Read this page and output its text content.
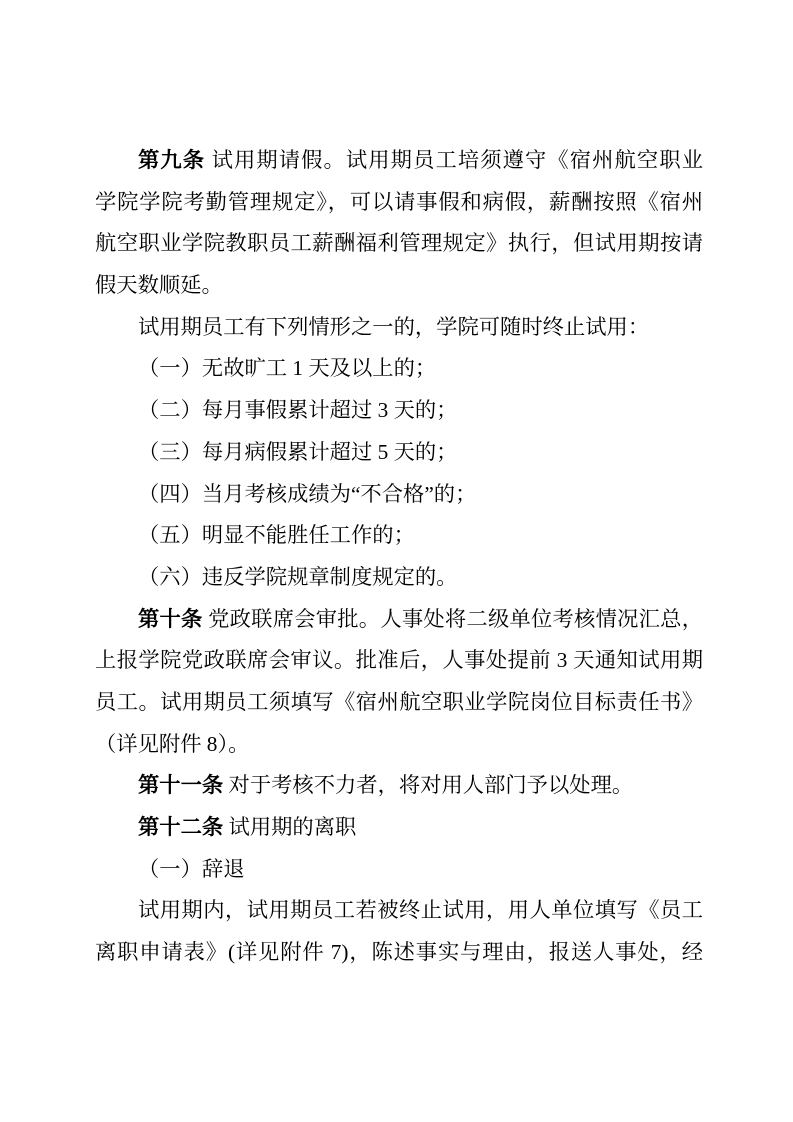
第九条 试用期请假。试用期员工培须遵守《宿州航空职业
学院学院考勤管理规定》，可以请事假和病假，薪酬按照《宿州
航空职业学院教职员工薪酬福利管理规定》执行，但试用期按请
假天数顺延。
试用期员工有下列情形之一的，学院可随时终止试用：
（一）无故旷工 1 天及以上的；
（二）每月事假累计超过 3 天的；
（三）每月病假累计超过 5 天的；
（四）当月考核成绩为“不合格”的；
（五）明显不能胜任工作的；
（六）违反学院规章制度规定的。
第十条 党政联席会审批。人事处将二级单位考核情况汇总，
上报学院党政联席会审议。批准后，人事处提前 3 天通知试用期
员工。试用期员工须填写《宿州航空职业学院岗位目标责任书》
（详见附件 8）。
第十一条 对于考核不力者，将对用人部门予以处理。
第十二条 试用期的离职
（一）辞退
试用期内，试用期员工若被终止试用，用人单位填写《员工
离职申请表》(详见附件 7)，陈述事实与理由，报送人事处，经
